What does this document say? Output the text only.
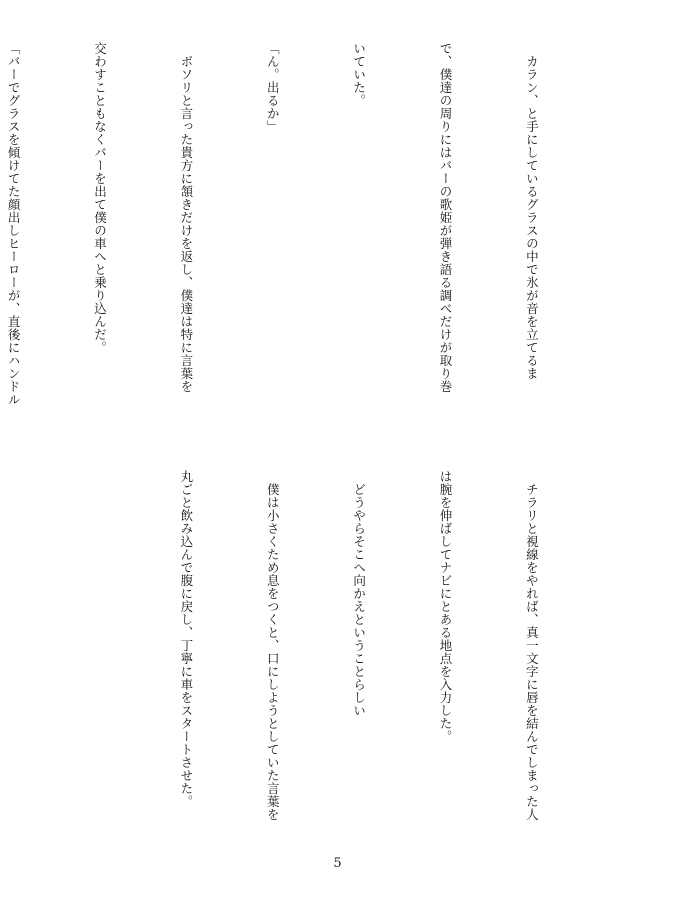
　カラン、と手にしているグラスの中で氷が音を立てるま

で、僕達の周りにはバーの歌姫が弾き語る調べだけが取り巻

いていた。

「ん。出るか」

　ボソリと言った貴方に頷きだけを返し、僕達は特に言葉を

交わすこともなくバーを出て僕の車へと乗り込んだ。

「バーでグラスを傾けてた顔出しヒーローが、直後にハンドル

　チラリと視線をやれば、真一文字に唇を結んでしまった人

は腕を伸ばしてナビにとある地点を入力した。

　どうやらそこへ向かえということらしい

　僕は小さくため息をつくと、口にしようとしていた言葉を

丸ごと飲み込んで腹に戻し、丁寧に車をスタートさせた。

5
